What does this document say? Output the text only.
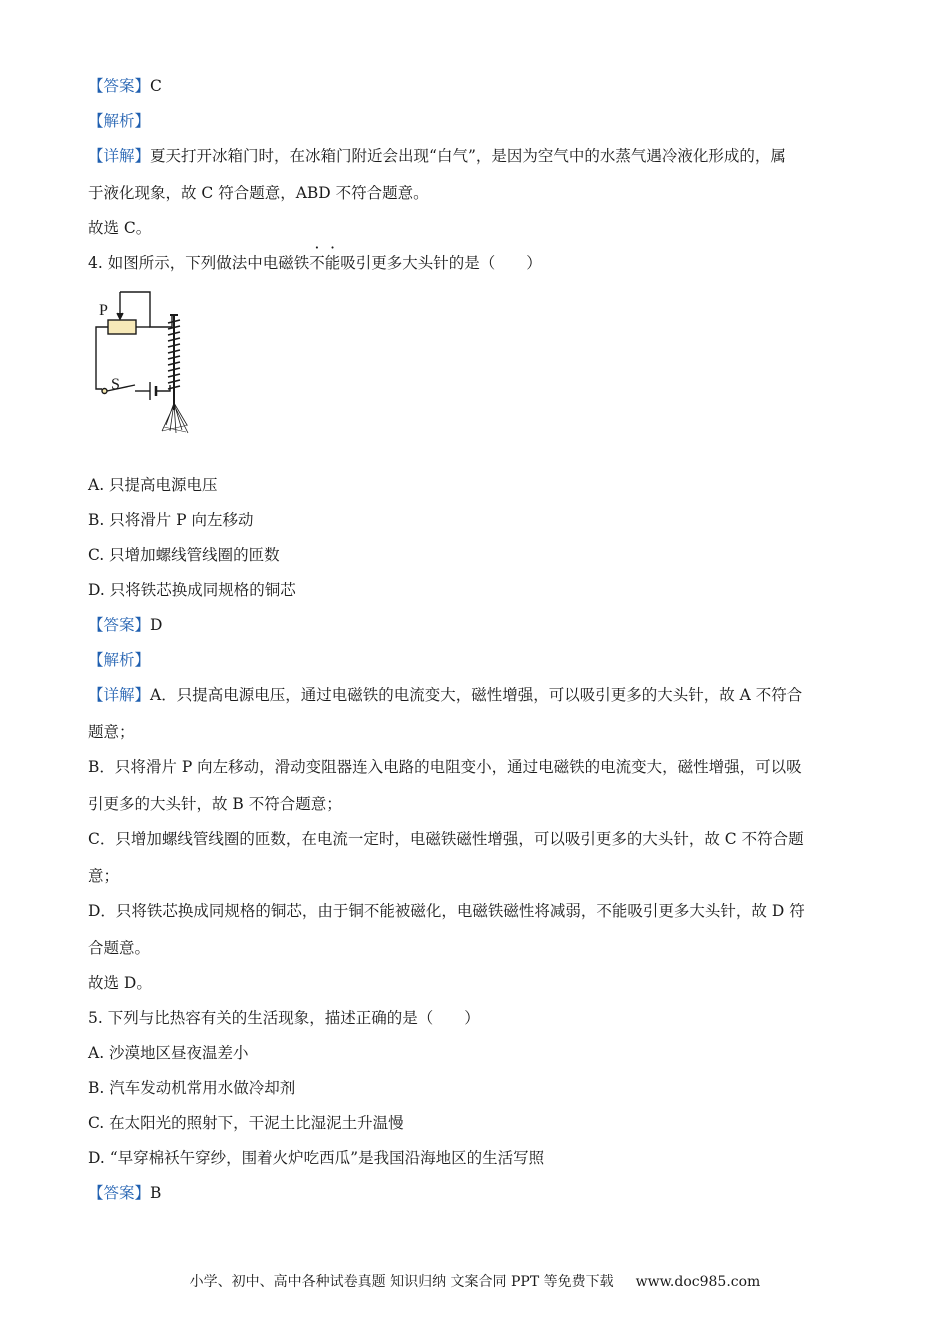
【答案】C
【解析】
【详解】夏天打开冰箱门时，在冰箱门附近会出现“白气”，是因为空气中的水蒸气遇冷液化形成的，属
于液化现象，故 C 符合题意，ABD 不符合题意。
故选 C。
4. 如图所示，下列做法中电磁铁不能吸引更多大头针的是（　　）
P
S
A. 只提高电源电压
B. 只将滑片 P 向左移动
C. 只增加螺线管线圈的匝数
D. 只将铁芯换成同规格的铜芯
【答案】D
【解析】
【详解】A．只提高电源电压，通过电磁铁的电流变大，磁性增强，可以吸引更多的大头针，故 A 不符合
题意；
B．只将滑片 P 向左移动，滑动变阻器连入电路的电阻变小，通过电磁铁的电流变大，磁性增强，可以吸
引更多的大头针，故 B 不符合题意；
C．只增加螺线管线圈的匝数，在电流一定时，电磁铁磁性增强，可以吸引更多的大头针，故 C 不符合题
意；
D．只将铁芯换成同规格的铜芯，由于铜不能被磁化，电磁铁磁性将减弱，不能吸引更多大头针，故 D 符
合题意。
故选 D。
5. 下列与比热容有关的生活现象，描述正确的是（　　）
A. 沙漠地区昼夜温差小
B. 汽车发动机常用水做冷却剂
C. 在太阳光的照射下，干泥土比湿泥土升温慢
D. “早穿棉袄午穿纱，围着火炉吃西瓜”是我国沿海地区的生活写照
【答案】B
小学、初中、高中各种试卷真题 知识归纳 文案合同 PPT 等免费下载 www.doc985.com
